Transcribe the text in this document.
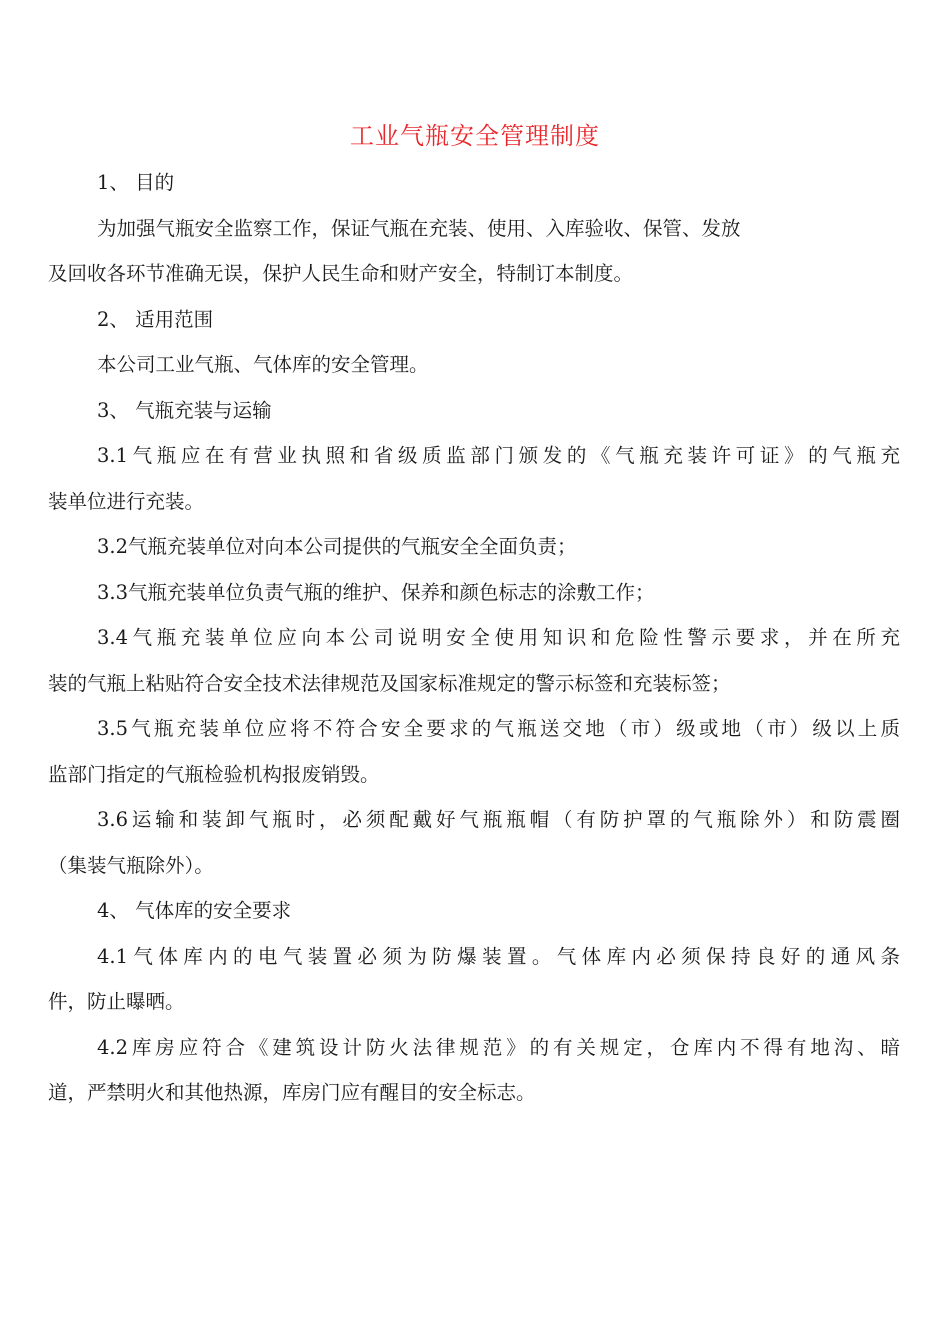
工业气瓶安全管理制度

1、 目的

为加强气瓶安全监察工作，保证气瓶在充装、使用、入库验收、保管、发放

及回收各环节准确无误，保护人民生命和财产安全，特制订本制度。

2、 适用范围

本公司工业气瓶、气体库的安全管理。

3、 气瓶充装与运输

3.1气瓶应在有营业执照和省级质监部门颁发的《气瓶充装许可证》的气瓶充

装单位进行充装。

3.2气瓶充装单位对向本公司提供的气瓶安全全面负责；

3.3气瓶充装单位负责气瓶的维护、保养和颜色标志的涂敷工作；

3.4气瓶充装单位应向本公司说明安全使用知识和危险性警示要求，并在所充

装的气瓶上粘贴符合安全技术法律规范及国家标准规定的警示标签和充装标签；

3.5气瓶充装单位应将不符合安全要求的气瓶送交地（市）级或地（市）级以上质

监部门指定的气瓶检验机构报废销毁。

3.6运输和装卸气瓶时，必须配戴好气瓶瓶帽（有防护罩的气瓶除外）和防震圈

（集装气瓶除外）。

4、 气体库的安全要求

4.1气体库内的电气装置必须为防爆装置。气体库内必须保持良好的通风条

件，防止曝晒。

4.2库房应符合《建筑设计防火法律规范》的有关规定，仓库内不得有地沟、暗

道，严禁明火和其他热源，库房门应有醒目的安全标志。
